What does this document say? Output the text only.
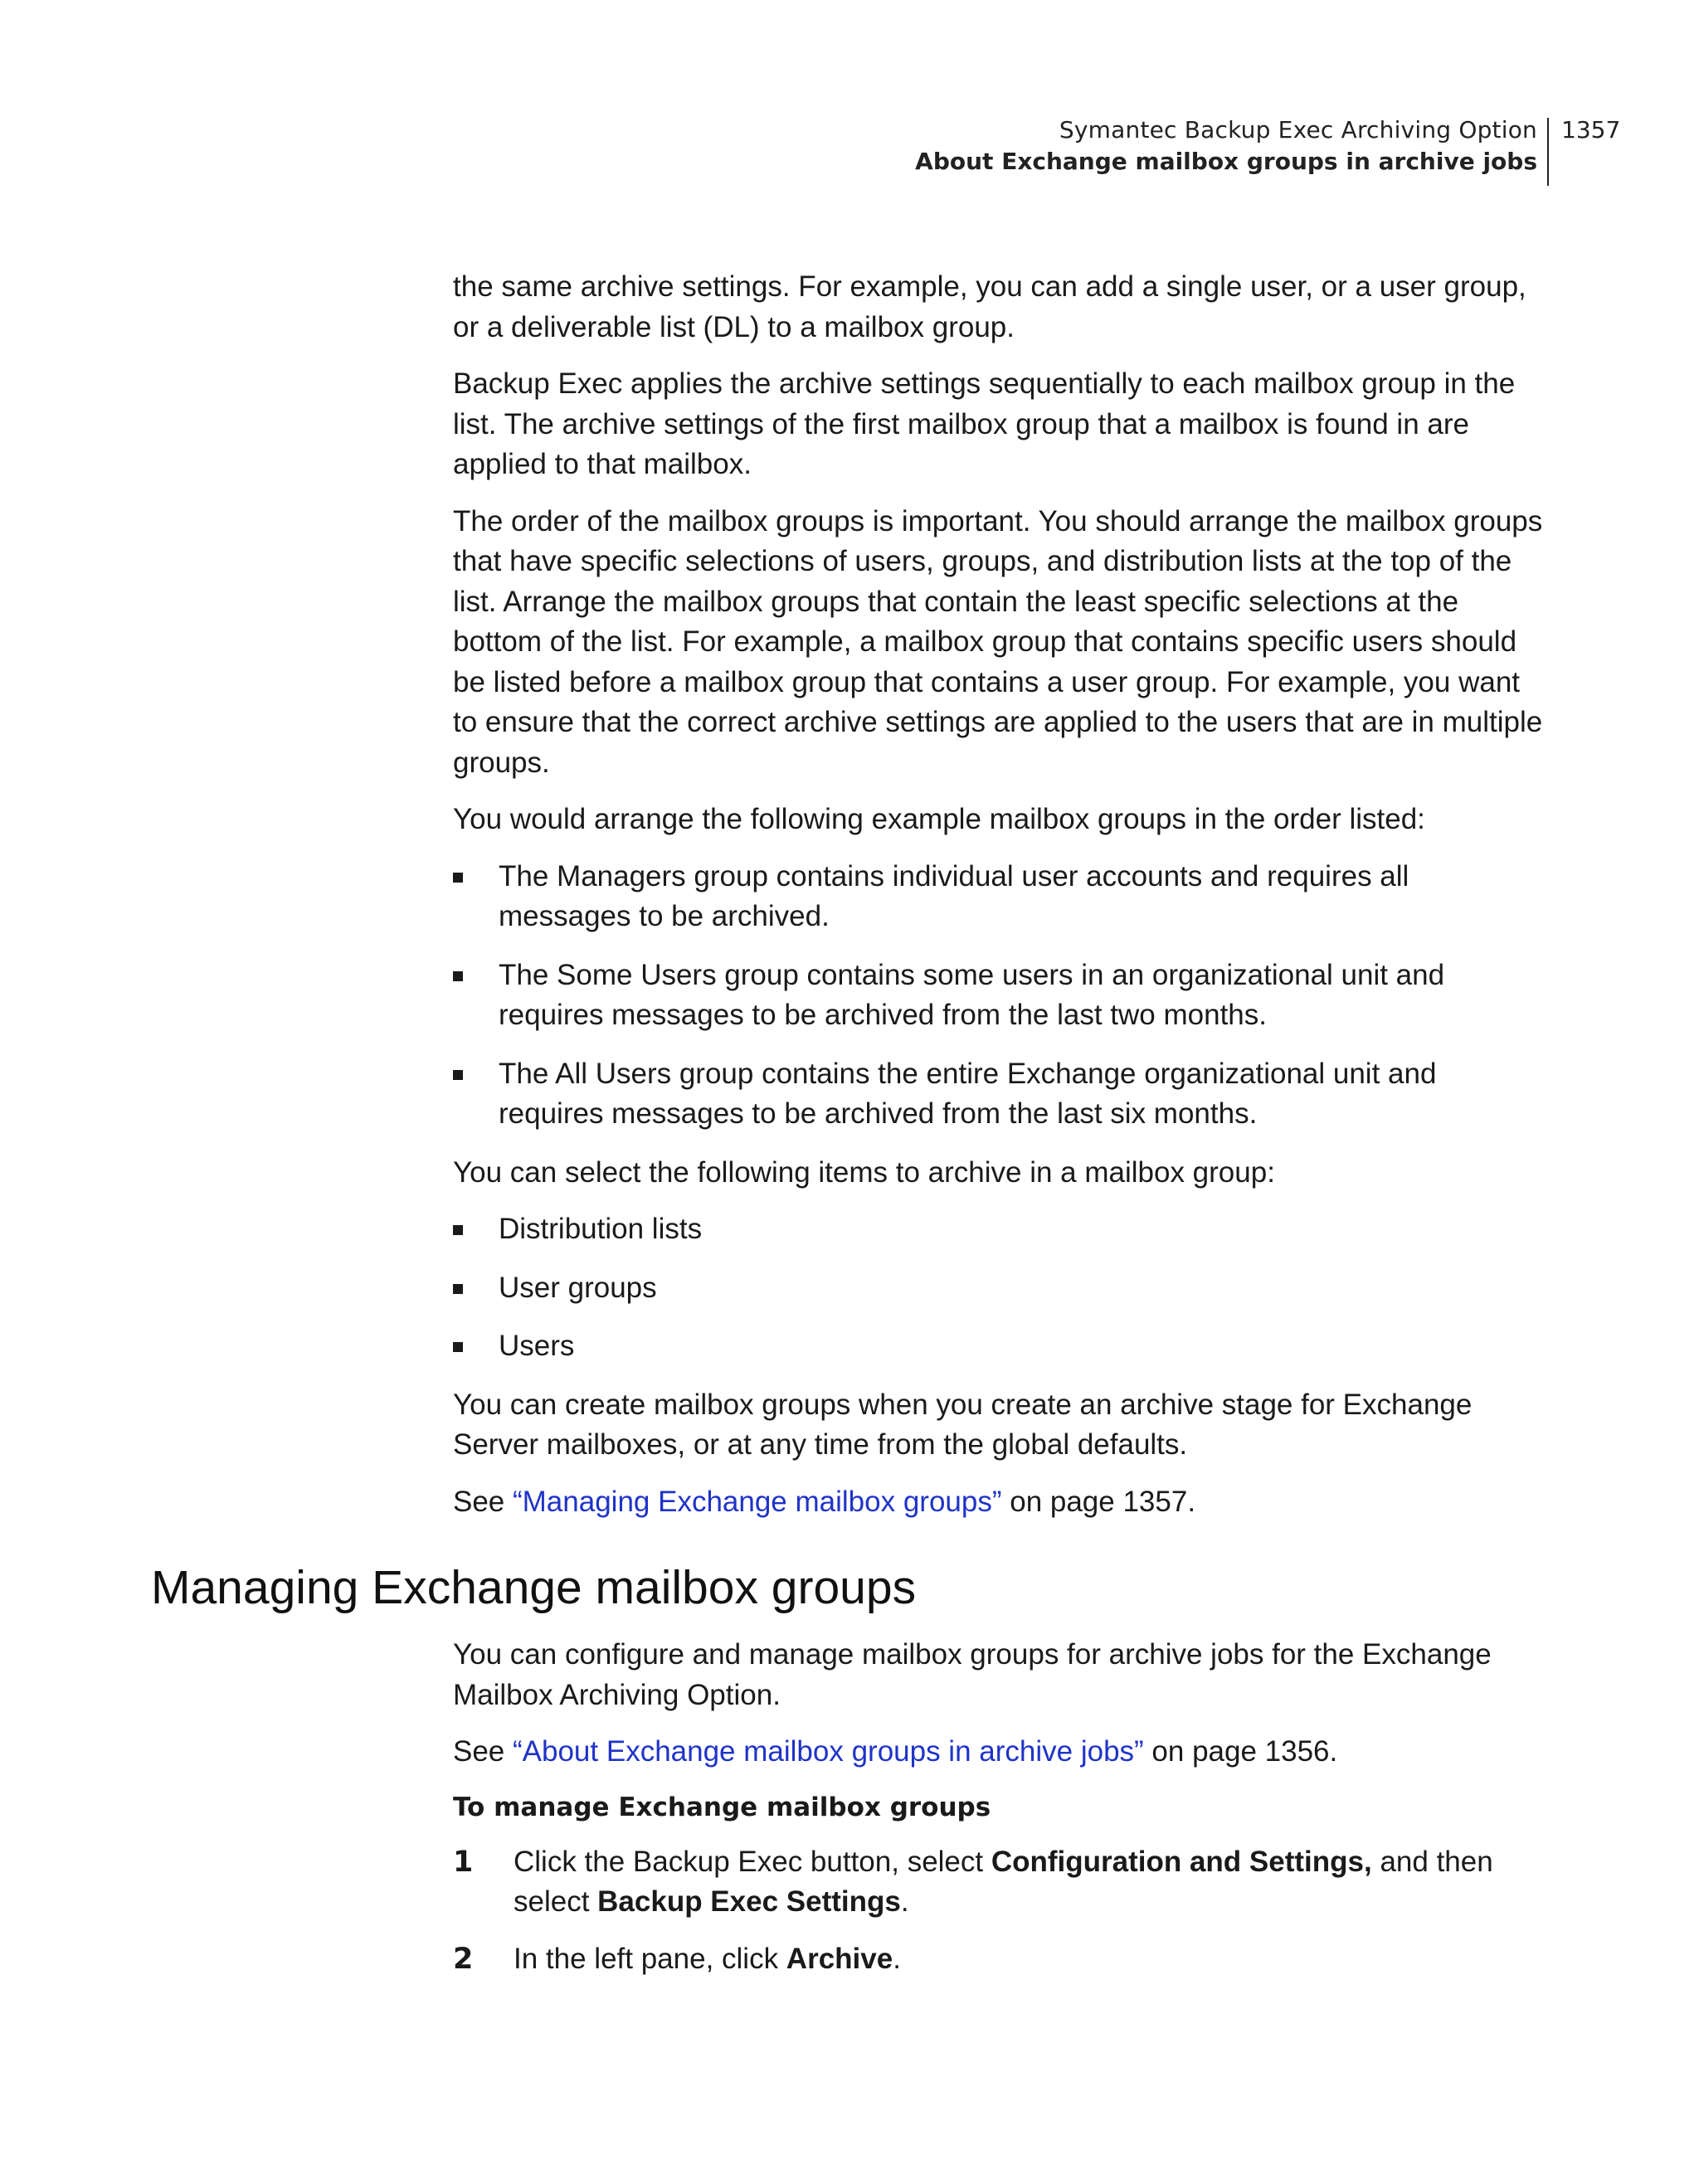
Symantec Backup Exec Archiving Option
About Exchange mailbox groups in archive jobs
1357

the same archive settings. For example, you can add a single user, or a user group, or a deliverable list (DL) to a mailbox group.

Backup Exec applies the archive settings sequentially to each mailbox group in the list. The archive settings of the first mailbox group that a mailbox is found in are applied to that mailbox.

The order of the mailbox groups is important. You should arrange the mailbox groups that have specific selections of users, groups, and distribution lists at the top of the list. Arrange the mailbox groups that contain the least specific selections at the bottom of the list. For example, a mailbox group that contains specific users should be listed before a mailbox group that contains a user group. For example, you want to ensure that the correct archive settings are applied to the users that are in multiple groups.

You would arrange the following example mailbox groups in the order listed:

The Managers group contains individual user accounts and requires all messages to be archived.
The Some Users group contains some users in an organizational unit and requires messages to be archived from the last two months.
The All Users group contains the entire Exchange organizational unit and requires messages to be archived from the last six months.

You can select the following items to archive in a mailbox group:

Distribution lists
User groups
Users

You can create mailbox groups when you create an archive stage for Exchange Server mailboxes, or at any time from the global defaults.

See “Managing Exchange mailbox groups” on page 1357.

Managing Exchange mailbox groups

You can configure and manage mailbox groups for archive jobs for the Exchange Mailbox Archiving Option.

See “About Exchange mailbox groups in archive jobs” on page 1356.

To manage Exchange mailbox groups
1 Click the Backup Exec button, select Configuration and Settings, and then select Backup Exec Settings.
2 In the left pane, click Archive.
